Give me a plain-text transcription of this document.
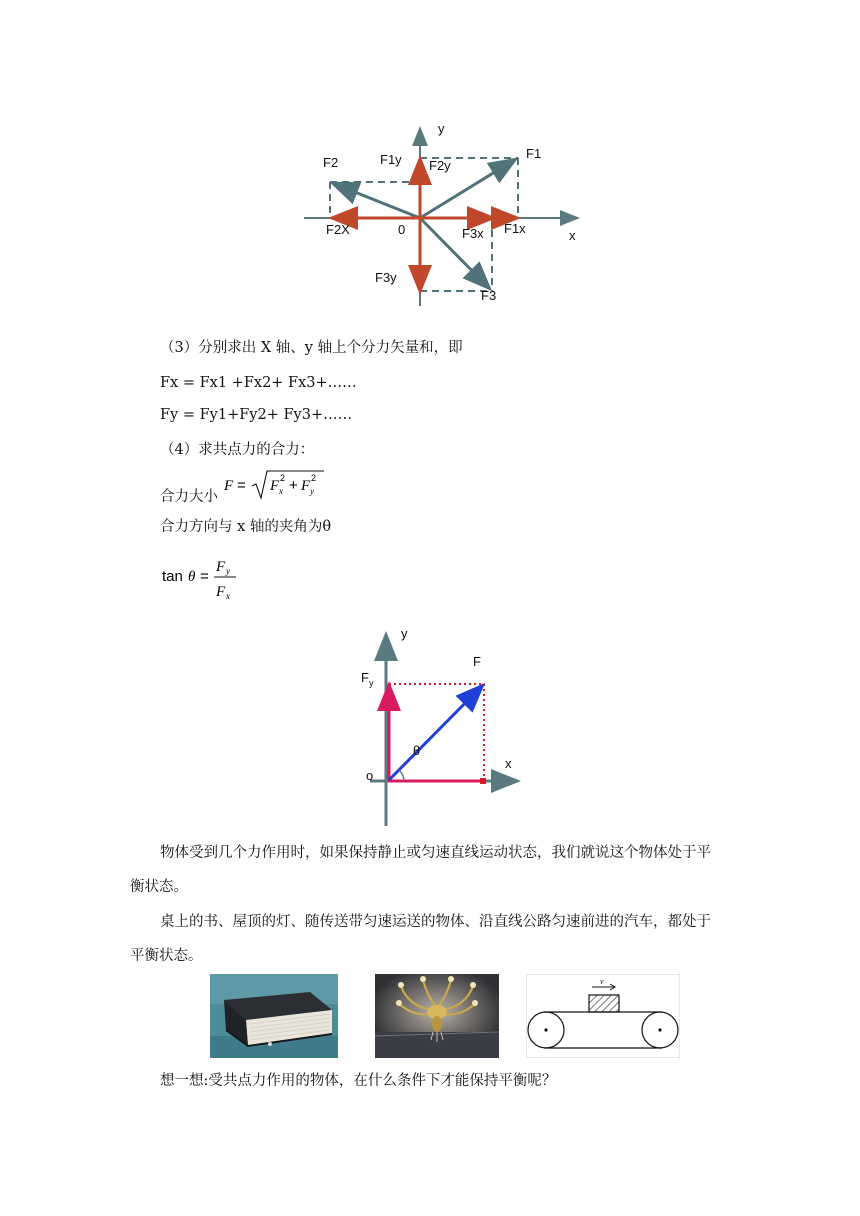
y
x
0
F1
F2
F3
F1y F2y
F3y
F2X	F3x F1x
（3）分别求出 X 轴、y 轴上个分力矢量和，即
Fx = Fx1 +Fx2+ Fx3+……
Fy = Fy1+Fy2+ Fy3+……
（4）求共点力的合力：
合力大小
F = F x
2 + F y
2
合力方向与 x 轴的夹角为θ
tan θ =
F y
F x
y
x
o
F
$F_y$
θ
物体受到几个力作用时，如果保持静止或匀速直线运动状态，我们就说这个物体处于平
衡状态。
桌上的书、屋顶的灯、随传送带匀速运送的物体、沿直线公路匀速前进的汽车，都处于
平衡状态。
v
想一想:受共点力作用的物体，在什么条件下才能保持平衡呢？
